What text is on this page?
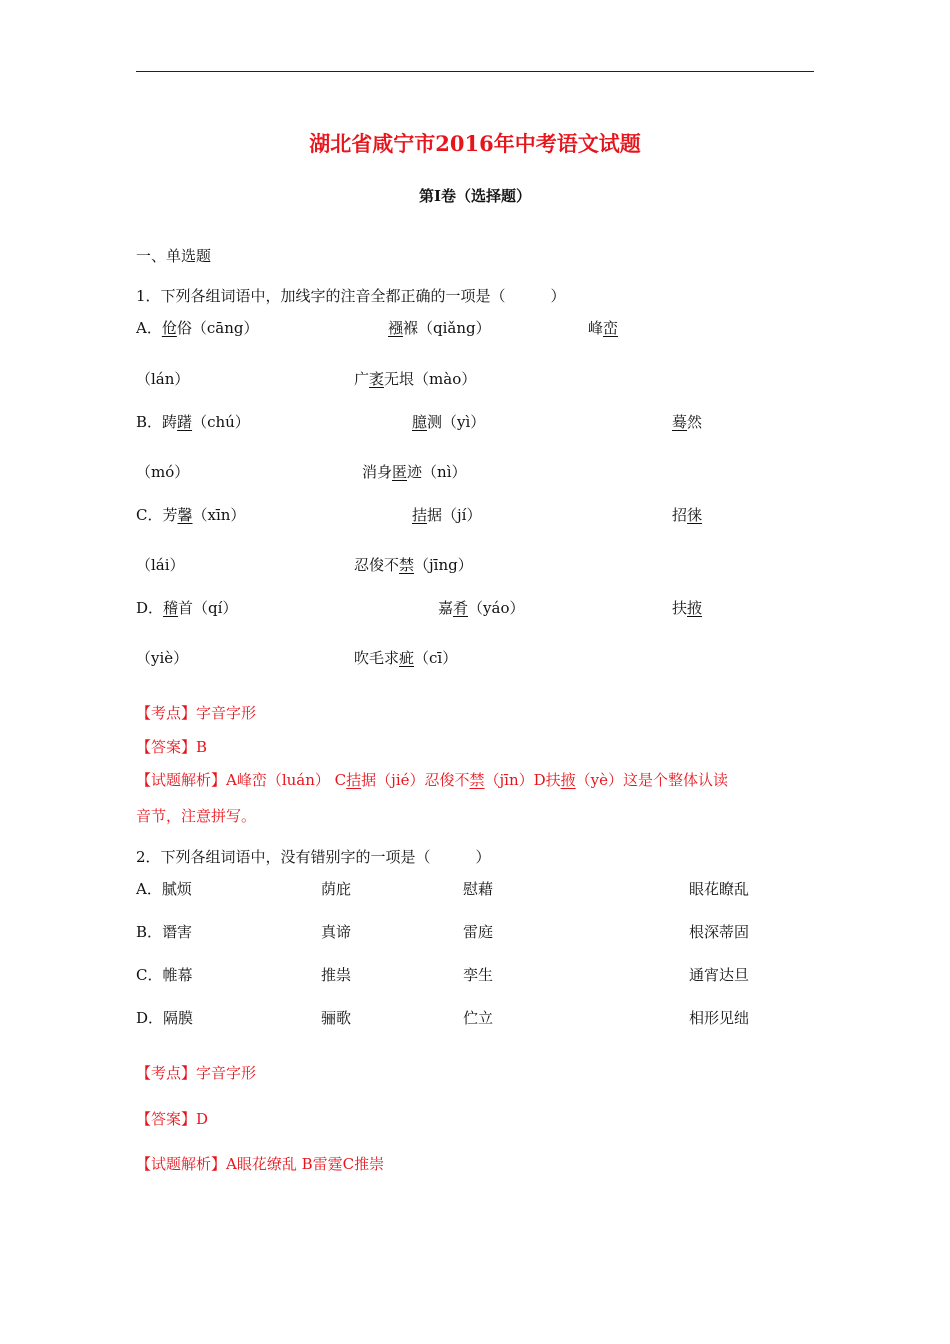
湖北省咸宁市2016年中考语文试题
第I卷（选择题）
一、单选题
1．下列各组词语中，加线字的注音全都正确的一项是（　　　）
A．伧俗（cāng）	襁褓（qiǎng）	峰峦
（lán）	广袤无垠（mào）
B．踌躇（chú）	臆测（yì）	蓦然
（mó）	消身匿迹（nì）
C．芳馨（xīn）	拮据（jí）	招徕
（lái）	忍俊不禁（jīng）
D．稽首（qí）	嘉肴（yáo）	扶掖
（yiè）	吹毛求疵（cī）
【考点】字音字形
【答案】B
【试题解析】A峰峦（luán） C拮据（jié）忍俊不禁（jīn）D扶掖（yè）这是个整体认读
音节，注意拼写。
2．下列各组词语中，没有错别字的一项是（　　　）
A．腻烦	荫庇	慰藉	眼花瞭乱
B．谮害	真谛	雷庭	根深蒂固
C．帷幕	推祟	孪生	通宵达旦
D．隔膜	骊歌	伫立	相形见绌
【考点】字音字形
【答案】D
【试题解析】A眼花缭乱 B雷霆C推崇
